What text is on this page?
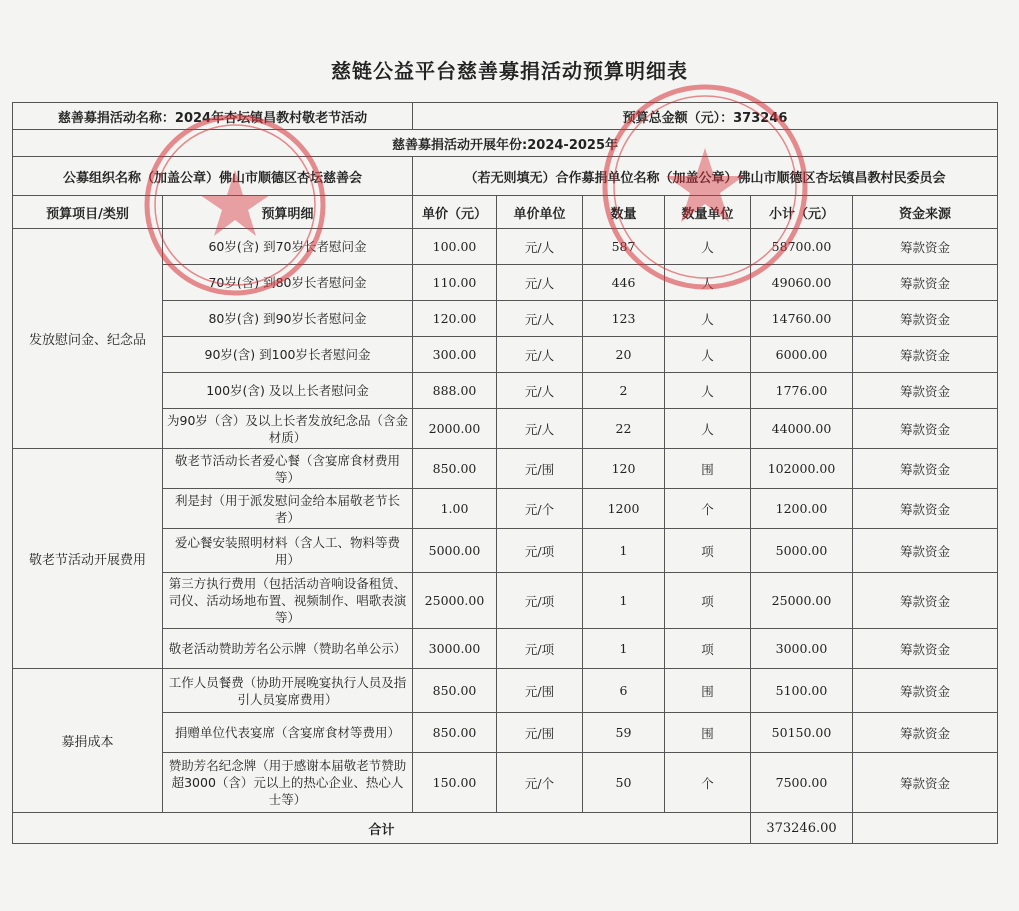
慈链公益平台慈善募捐活动预算明细表
慈善募捐活动名称：2024年杏坛镇昌教村敬老节活动		预算总金额（元）：373246					
慈善募捐活动开展年份:2024-2025年							
公募组织名称（加盖公章）佛山市顺德区杏坛慈善会		（若无则填无）合作募捐单位名称（加盖公章）佛山市顺德区杏坛镇昌教村民委员会					
预算项目/类别	预算明细	单价（元）	单价单位	数量	数量单位	小计（元）	资金来源
发放慰问金、纪念品	60岁(含) 到70岁长者慰问金	100.00	元/人	587	人	58700.00	筹款资金
	70岁(含) 到80岁长者慰问金	110.00	元/人	446	人	49060.00	筹款资金
	80岁(含) 到90岁长者慰问金	120.00	元/人	123	人	14760.00	筹款资金
	90岁(含) 到100岁长者慰问金	300.00	元/人	20	人	6000.00	筹款资金
	100岁(含) 及以上长者慰问金	888.00	元/人	2	人	1776.00	筹款资金
	为90岁（含）及以上长者发放纪念品（含金材质）	2000.00	元/人	22	人	44000.00	筹款资金
敬老节活动开展费用	敬老节活动长者爱心餐（含宴席食材费用等）	850.00	元/围	120	围	102000.00	筹款资金
	利是封（用于派发慰问金给本届敬老节长者）	1.00	元/个	1200	个	1200.00	筹款资金
	爱心餐安装照明材料（含人工、物料等费用）	5000.00	元/项	1	项	5000.00	筹款资金
	第三方执行费用（包括活动音响设备租赁、司仪、活动场地布置、视频制作、唱歌表演等）	25000.00	元/项	1	项	25000.00	筹款资金
	敬老活动赞助芳名公示牌（赞助名单公示）	3000.00	元/项	1	项	3000.00	筹款资金
募捐成本	工作人员餐费（协助开展晚宴执行人员及指引人员宴席费用）	850.00	元/围	6	围	5100.00	筹款资金
	捐赠单位代表宴席（含宴席食材等费用）	850.00	元/围	59	围	50150.00	筹款资金
	赞助芳名纪念牌（用于感谢本届敬老节赞助超3000（含）元以上的热心企业、热心人士等）	150.00	元/个	50	个	7500.00	筹款资金
合计						373246.00	
